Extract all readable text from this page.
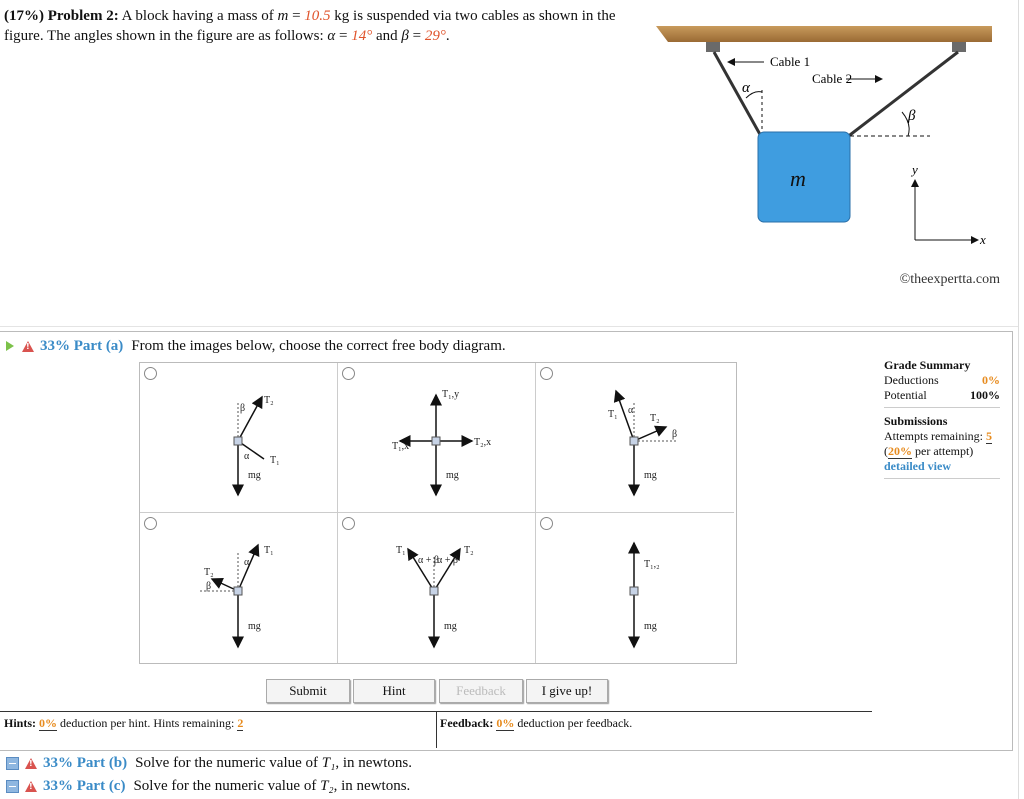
(17%) Problem 2: A block having a mass of m = 10.5 kg is suspended via two cables as shown in the figure. The angles shown in the figure are as follows: α = 14° and β = 29°.
Cable 1
Cable 2
α
β
m	y
x
©theexpertta.com
!
33% Part (a) From the images below, choose the correct free body diagram.
T₂
T₁
mg
β
α
T₁,y
T₁,x	T₂,x
mg
T₁	T₂
mg
α
β
T₁
T₂
mg
α
β
T₁	T₂
mg
α + β
α + β	T₁,₂
mg
Submit	Hint	Feedback	I give up!
Grade Summary
Deductions	0%
Potential	100%
Submissions
Attempts remaining: 5
(20% per attempt)
detailed view
Hints: 0% deduction per hint. Hints remaining: 2	Feedback: 0% deduction per feedback.
!
33% Part (b) Solve for the numeric value of
T₁ , in newtons.
!
33% Part (c) Solve for the numeric value of
T₂ , in newtons.
